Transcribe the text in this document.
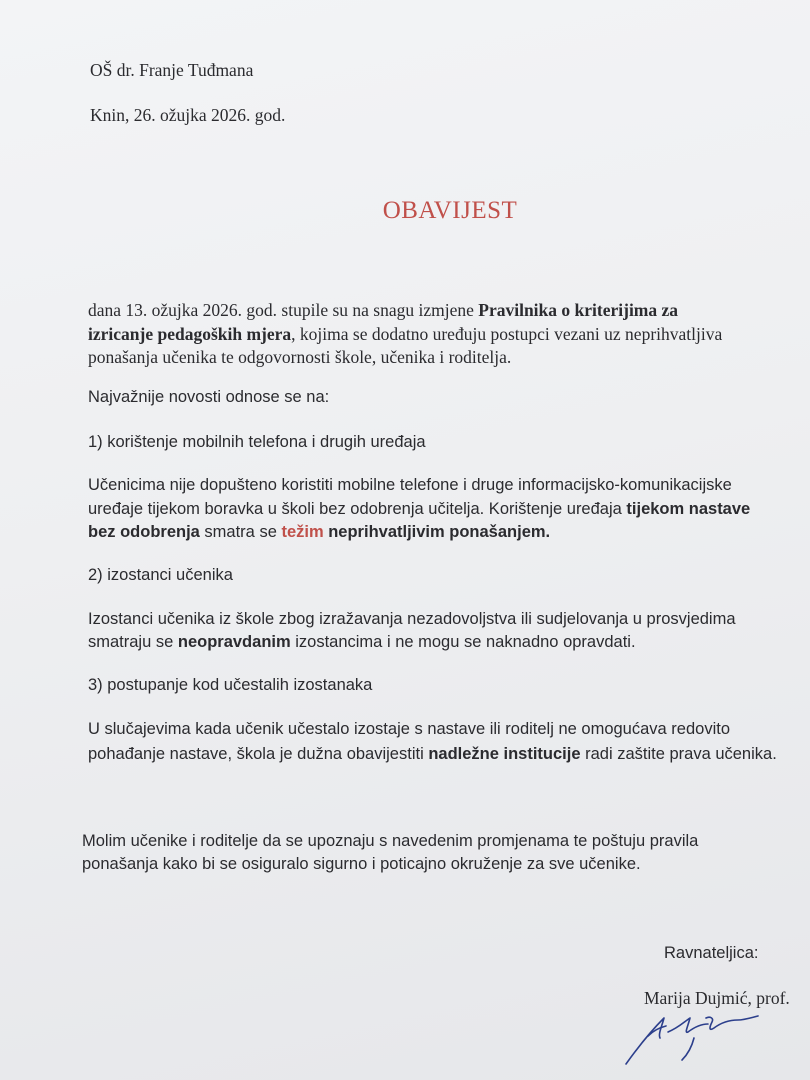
OŠ dr. Franje Tuđmana
Knin, 26. ožujka 2026. god.
OBAVIJEST
dana 13. ožujka 2026. god. stupile su na snagu izmjene Pravilnika o kriterijima za
izricanje pedagoških mjera, kojima se dodatno uređuju postupci vezani uz neprihvatljiva
ponašanja učenika te odgovornosti škole, učenika i roditelja.
Najvažnije novosti odnose se na:
1) korištenje mobilnih telefona i drugih uređaja
Učenicima nije dopušteno koristiti mobilne telefone i druge informacijsko-komunikacijske
uređaje tijekom boravka u školi bez odobrenja učitelja. Korištenje uređaja tijekom nastave
bez odobrenja smatra se težim neprihvatljivim ponašanjem.
2) izostanci učenika
Izostanci učenika iz škole zbog izražavanja nezadovoljstva ili sudjelovanja u prosvjedima
smatraju se neopravdanim izostancima i ne mogu se naknadno opravdati.
3) postupanje kod učestalih izostanaka
U slučajevima kada učenik učestalo izostaje s nastave ili roditelj ne omogućava redovito
pohađanje nastave, škola je dužna obavijestiti nadležne institucije radi zaštite prava učenika.
Molim učenike i roditelje da se upoznaju s navedenim promjenama te poštuju pravila
ponašanja kako bi se osiguralo sigurno i poticajno okruženje za sve učenike.
Ravnateljica:
Marija Dujmić, prof.
